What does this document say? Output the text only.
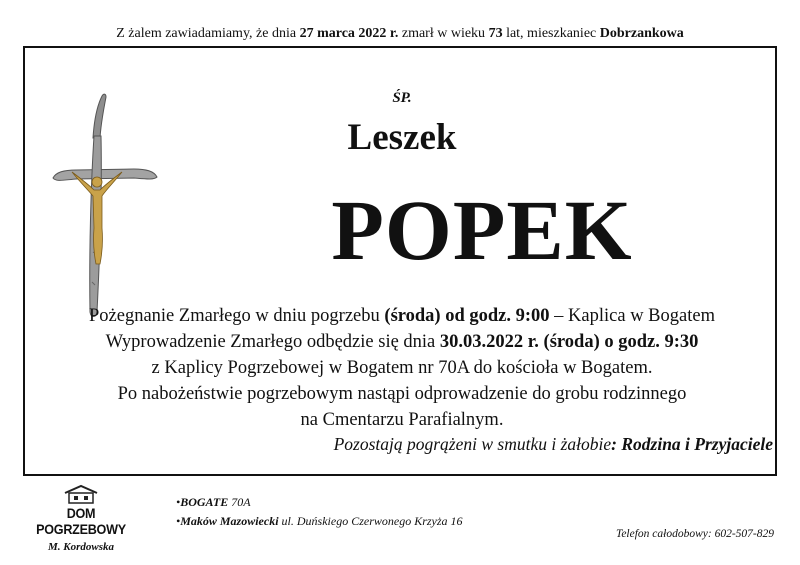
Z żalem zawiadamiamy, że dnia 27 marca 2022 r. zmarł w wieku 73 lat, mieszkaniec Dobrzankowa
ŚP.
Leszek
POPEK
Pożegnanie Zmarłego w dniu pogrzebu (środa) od godz. 9:00 – Kaplica w Bogatem
Wyprowadzenie Zmarłego odbędzie się dnia 30.03.2022 r. (środa) o godz. 9:30
z Kaplicy Pogrzebowej w Bogatem nr 70A do kościoła w Bogatem.
Po nabożeństwie pogrzebowym nastąpi odprowadzenie do grobu rodzinnego
na Cmentarzu Parafialnym.
Pozostają pogrążeni w smutku i żałobie: Rodzina i Przyjaciele
DOM POGRZEBOWY
M. Kordowska
•BOGATE 70A
•Maków Mazowiecki ul. Duńskiego Czerwonego Krzyża 16
Telefon całodobowy: 602-507-829
